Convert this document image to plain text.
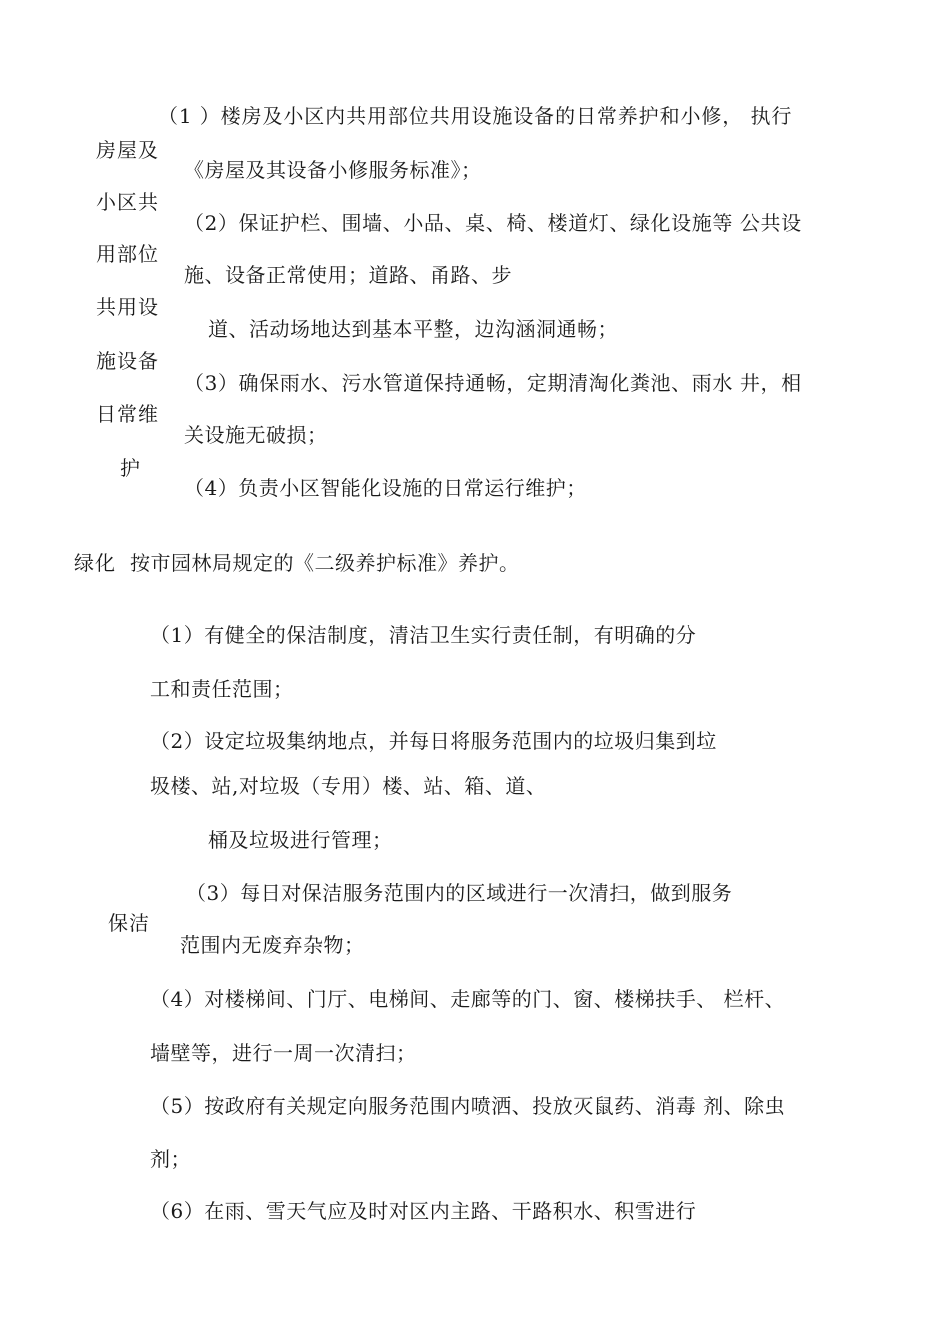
房屋及
小区共
用部位
共用设
施设备
日常维
护
（1 ）楼房及小区内共用部位共用设施设备的日常养护和小修， 执行
《房屋及其设备小修服务标准》；
（2）保证护栏、围墙、小品、桌、椅、楼道灯、绿化设施等 公共设
施、设备正常使用；道路、甬路、步
道、活动场地达到基本平整，边沟涵洞通畅；
（3）确保雨水、污水管道保持通畅，定期清淘化粪池、雨水 井，相
关设施无破损；
（4）负责小区智能化设施的日常运行维护；
绿化 按市园林局规定的《二级养护标准》养护。
保洁
（1）有健全的保洁制度，清洁卫生实行责任制，有明确的分
工和责任范围；
（2）设定垃圾集纳地点，并每日将服务范围内的垃圾归集到垃
圾楼、站,对垃圾（专用）楼、站、箱、道、
桶及垃圾进行管理；
（3）每日对保洁服务范围内的区域进行一次清扫，做到服务
范围内无废弃杂物；
（4）对楼梯间、门厅、电梯间、走廊等的门、窗、楼梯扶手、 栏杆、
墙壁等，进行一周一次清扫；
（5）按政府有关规定向服务范围内喷洒、投放灭鼠药、消毒 剂、除虫
剂；
（6）在雨、雪天气应及时对区内主路、干路积水、积雪进行
